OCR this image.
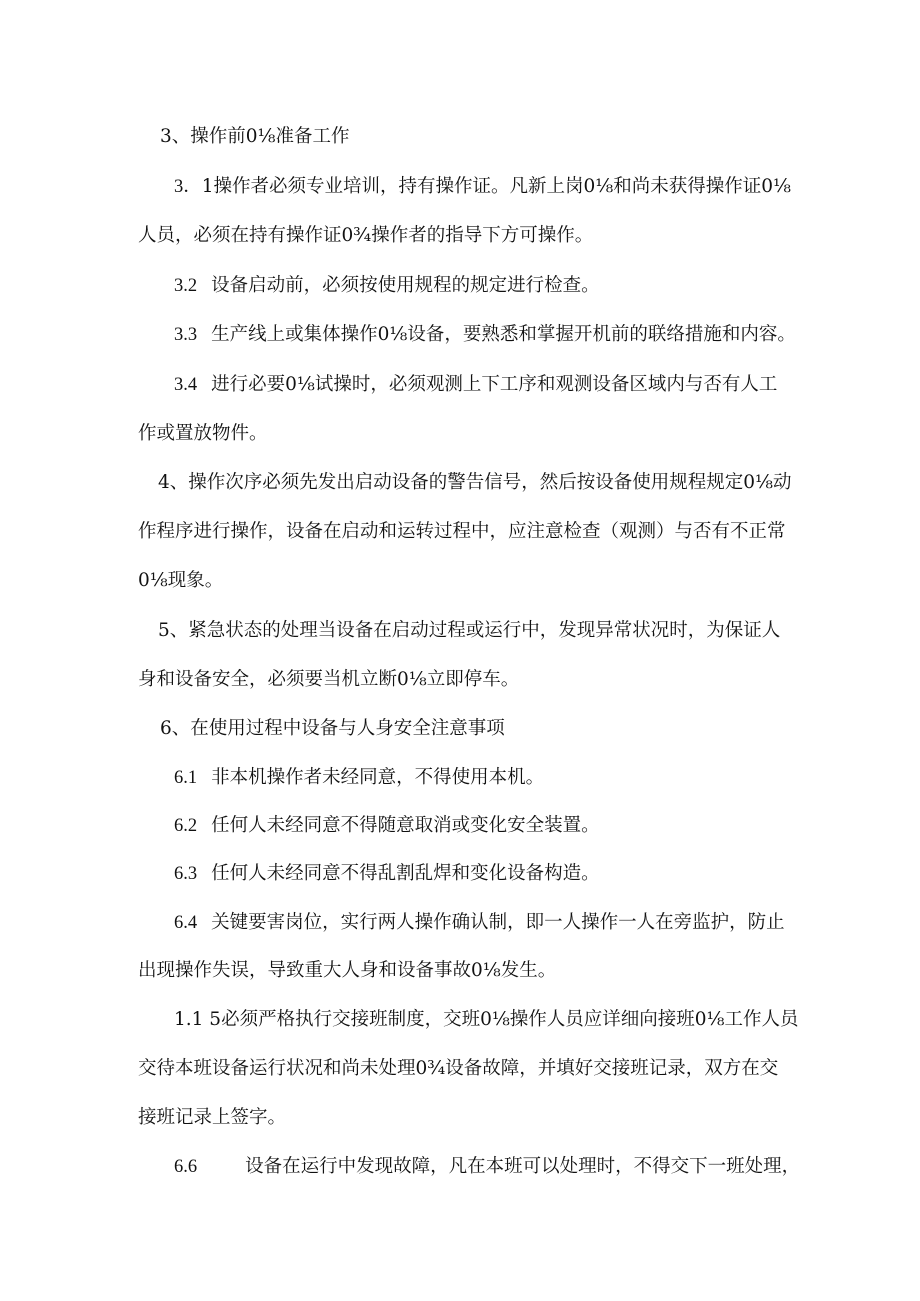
3、操作前0⅛准备工作
3．1操作者必须专业培训，持有操作证。凡新上岗0⅛和尚未获得操作证0⅛
人员，必须在持有操作证0¾操作者的指导下方可操作。
3.2 设备启动前，必须按使用规程的规定进行检查。
3.3 生产线上或集体操作0⅛设备，要熟悉和掌握开机前的联络措施和内容。
3.4 进行必要0⅛试操时，必须观测上下工序和观测设备区域内与否有人工
作或置放物件。
4、操作次序必须先发出启动设备的警告信号，然后按设备使用规程规定0⅛动
作程序进行操作，设备在启动和运转过程中，应注意检查（观测）与否有不正常
0⅛现象。
5、紧急状态的处理当设备在启动过程或运行中，发现异常状况时，为保证人
身和设备安全，必须要当机立断0⅛立即停车。
6、在使用过程中设备与人身安全注意事项
6.1 非本机操作者未经同意，不得使用本机。
6.2 任何人未经同意不得随意取消或变化安全装置。
6.3 任何人未经同意不得乱割乱焊和变化设备构造。
6.4 关键要害岗位，实行两人操作确认制，即一人操作一人在旁监护，防止
出现操作失误，导致重大人身和设备事故0⅛发生。
1.1 5必须严格执行交接班制度，交班0⅛操作人员应详细向接班0⅛工作人员
交待本班设备运行状况和尚未处理0¾设备故障，并填好交接班记录，双方在交
接班记录上签字。
6.6	设备在运行中发现故障，凡在本班可以处理时，不得交下一班处理，
